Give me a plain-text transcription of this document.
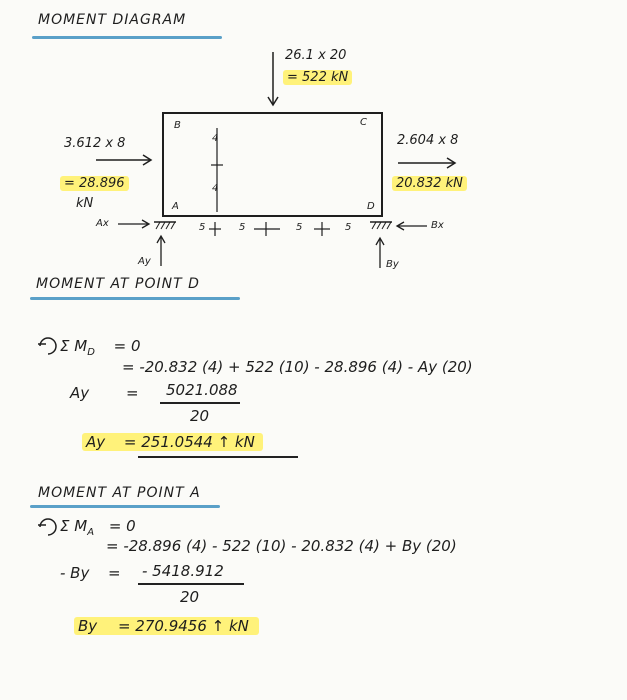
MOMENT DIAGRAM
26.1 x 20
= 522 kN
3.612 x 8
= 28.896
kN
2.604 x 8
20.832 kN
B	C
A	D
4
4
5	5	5	5
Ax
Ay
Bx
By
MOMENT AT POINT D
Σ $M_D = 0$
= -20.832 (4) + 522 (10) - 28.896 (4) - Ay (20)
Ay = 5021.088
20
Ay = 251.0544 ↑ kN
MOMENT AT POINT A
Σ $M_A = 0$
= -28.896 (4) - 522 (10) - 20.832 (4) + By (20)
- By = - 5418.912
20
By = 270.9456 ↑ kN
